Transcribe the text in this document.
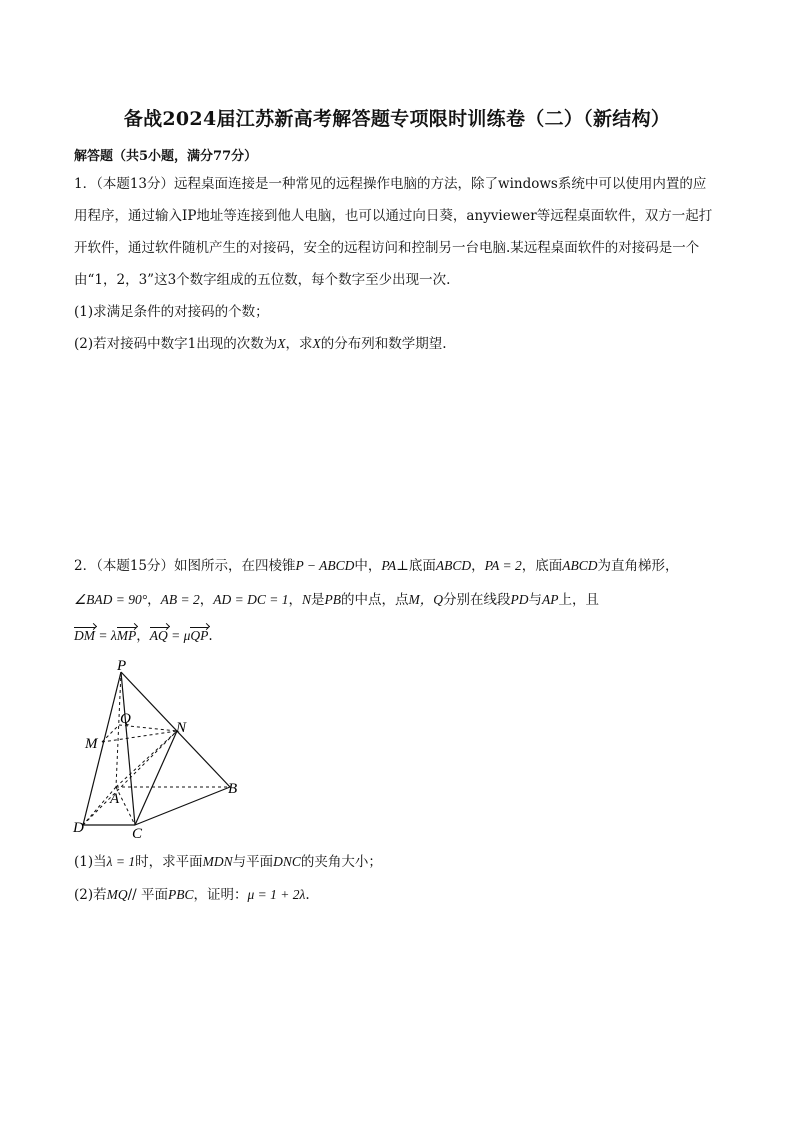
备战2024届江苏新高考解答题专项限时训练卷（二）（新结构）
解答题（共5小题，满分77分）
1．（本题13分）远程桌面连接是一种常见的远程操作电脑的方法，除了windows系统中可以使用内置的应
用程序，通过输入IP地址等连接到他人电脑，也可以通过向日葵，anyviewer等远程桌面软件，双方一起打
开软件，通过软件随机产生的对接码，安全的远程访问和控制另一台电脑.某远程桌面软件的对接码是一个
由“1，2，3”这3个数字组成的五位数，每个数字至少出现一次.
(1)求满足条件的对接码的个数；
(2)若对接码中数字1出现的次数为X，求X的分布列和数学期望.
2．（本题15分）如图所示，在四棱锥P − ABCD中，PA⊥底面ABCD，PA = 2，底面ABCD为直角梯形，
∠BAD = 90°，AB = 2，AD = DC = 1，N是PB的中点，点M，Q分别在线段PD与AP上，且
DM = λMP，AQ = μQP.
P
Q
M
N
A
B
C
D
(1)当λ = 1时，求平面MDN与平面DNC的夹角大小；
(2)若MQ// 平面PBC，证明：μ = 1 + 2λ.
